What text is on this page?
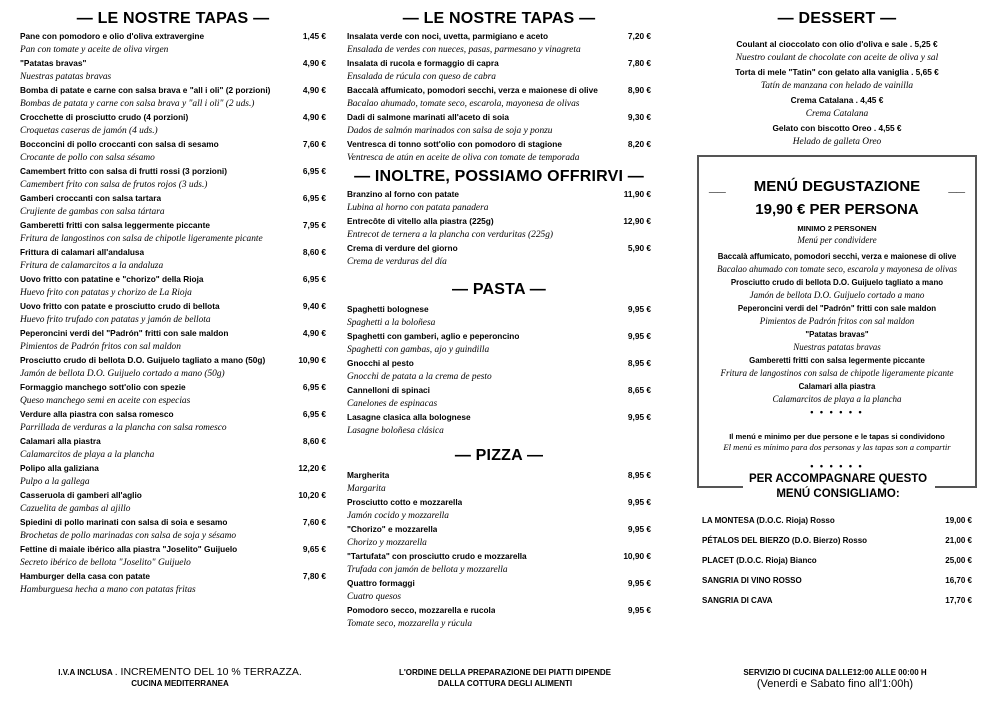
— LE NOSTRE TAPAS —
Pane con pomodoro e olio d'oliva extravergine	1,45 €
Pan con tomate y aceite de oliva virgen
"Patatas bravas"	4,90 €
Nuestras patatas bravas
Bomba di patate e carne con salsa brava e "all i oli" (2 porzioni)	4,90 €
Bombas de patata y carne con salsa brava y "all i oli" (2 uds.)
Crocchette di prosciutto crudo (4 porzioni)	4,90 €
Croquetas caseras de jamón (4 uds.)
Bocconcini di pollo croccanti con salsa di sesamo	7,60 €
Crocante de pollo con salsa sésamo
Camembert fritto con salsa di frutti rossi (3 porzioni)	6,95 €
Camembert frito con salsa de frutos rojos (3 uds.)
Gamberi croccanti con salsa tartara	6,95 €
Crujiente de gambas con salsa tártara
Gamberetti fritti con salsa leggermente piccante	7,95 €
Fritura de langostinos con salsa de chipotle ligeramente picante
Frittura di calamari all'andalusa	8,60 €
Fritura de calamarcitos a la andaluza
Uovo fritto con patatine e "chorizo" della Rioja	6,95 €
Huevo frito con patatas y chorizo de La Rioja
Uovo fritto con patate e prosciutto crudo di bellota	9,40 €
Huevo frito trufado con patatas y jamón de bellota
Peperoncini verdi del "Padrón" fritti con sale maldon	4,90 €
Pimientos de Padrón fritos con sal maldon
Prosciutto crudo di bellota D.O. Guijuelo tagliato a mano (50g)	10,90 €
Jamón de bellota D.O. Guijuelo cortado a mano (50g)
Formaggio manchego sott'olio con spezie	6,95 €
Queso manchego semi en aceite con especias
Verdure alla piastra con salsa romesco	6,95 €
Parrillada de verduras a la plancha con salsa romesco
Calamari alla piastra	8,60 €
Calamarcitos de playa a la plancha
Polipo alla galiziana	12,20 €
Pulpo a la gallega
Casseruola di gamberi all'aglio	10,20 €
Cazuelita de gambas al ajillo
Spiedini di pollo marinati con salsa di soia e sesamo	7,60 €
Brochetas de pollo marinadas con salsa de soja y sésamo
Fettine di maiale ibérico alla piastra "Joselito" Guijuelo	9,65 €
Secreto ibérico de bellota "Joselito" Guijuelo
Hamburger della casa con patate	7,80 €
Hamburguesa hecha a mano con patatas fritas
— LE NOSTRE TAPAS —
Insalata verde con noci, uvetta, parmigiano e aceto	7,20 €
Ensalada de verdes con nueces, pasas, parmesano y vinagreta
Insalata di rucola e formaggio di capra	7,80 €
Ensalada de rúcula con queso de cabra
Baccalà affumicato, pomodori secchi, verza e maionese di olive	8,90 €
Bacalao ahumado, tomate seco, escarola, mayonesa de olivas
Dadi di salmone marinati all'aceto di soia	9,30 €
Dados de salmón marinados con salsa de soja y ponzu
Ventresca di tonno sott'olio con pomodoro di stagione	8,20 €
Ventresca de atún en aceite de oliva con tomate de temporada
— INOLTRE, POSSIAMO OFFRIRVI —
Branzino al forno con patate	11,90 €
Lubina al horno con patata panadera
Entrecôte di vitello alla piastra (225g)	12,90 €
Entrecot de ternera a la plancha con verduritas (225g)
Crema di verdure del giorno	5,90 €
Crema de verduras del día
— PASTA —
Spaghetti bolognese	9,95 €
Spaghetti a la boloñesa
Spaghetti con gamberi, aglio e peperoncino	9,95 €
Spaghetti con gambas, ajo y guindilla
Gnocchi al pesto	8,95 €
Gnocchi de patata a la crema de pesto
Cannelloni di spinaci	8,65 €
Canelones de espinacas
Lasagne clasica alla bolognese	9,95 €
Lasagne boloñesa clásica
— PIZZA —
Margherita	8,95 €
Margarita
Prosciutto cotto e mozzarella	9,95 €
Jamón cocido y mozzarella
"Chorizo" e mozzarella	9,95 €
Chorizo y mozzarella
"Tartufata" con prosciutto crudo e mozzarella	10,90 €
Trufada con jamón de bellota y mozzarella
Quattro formaggi	9,95 €
Cuatro quesos
Pomodoro secco, mozzarella e rucola	9,95 €
Tomate seco, mozzarella y rúcula
— DESSERT —
Coulant al cioccolato con olio d'oliva e sale . 5,25 €
Nuestro coulant de chocolate con aceite de oliva y sal
Torta di mele "Tatin" con gelato alla vaniglia . 5,65 €
Tatín de manzana con helado de vainilla
Crema Catalana . 4,45 €
Crema Catalana
Gelato con biscotto Oreo . 4,55 €
Helado de galleta Oreo
__ MENÚ DEGUSTAZIONE __
19,90 € PER PERSONA
MINIMO 2 PERSONEN
Menú per condividere
Baccalà affumicato, pomodori secchi, verza e maionese di olive
Bacalao ahumado con tomate seco, escarola y mayonesa de olivas
Prosciutto crudo di bellota D.O. Guijuelo tagliato a mano
Jamón de bellota D.O. Guijuelo cortado a mano
Peperoncini verdi del "Padrón" fritti con sale maldon
Pimientos de Padrón fritos con sal maldon
"Patatas bravas"
Nuestras patatas bravas
Gamberetti fritti con salsa legermente piccante
Fritura de langostinos con salsa de chipotle ligeramente picante
Calamari alla piastra
Calamarcitos de playa a la plancha
• • • • • •
Il menú e minimo per due persone e le tapas si condividono
El menú es mínimo para dos personas y las tapas son a compartir
• • • • • •
PER ACCOMPAGNARE QUESTO MENÚ CONSIGLIAMO:
LA MONTESA (D.O.C. Rioja) Rosso	19,00 €
PÉTALOS DEL BIERZO (D.O. Bierzo) Rosso	21,00 €
PLACET (D.O.C. Rioja) Bianco	25,00 €
SANGRIA DI VINO ROSSO	16,70 €
SANGRIA DI CAVA	17,70 €
I.V.A INCLUSA . INCREMENTO DEL 10 % TERRAZZA.
CUCINA MEDITERRANEA
L'ORDINE DELLA PREPARAZIONE DEI PIATTI DIPENDE
DALLA COTTURA DEGLI ALIMENTI
SERVIZIO DI CUCINA DALLE12:00 ALLE 00:00 H
(Venerdi e Sabato fino all'1:00h)
